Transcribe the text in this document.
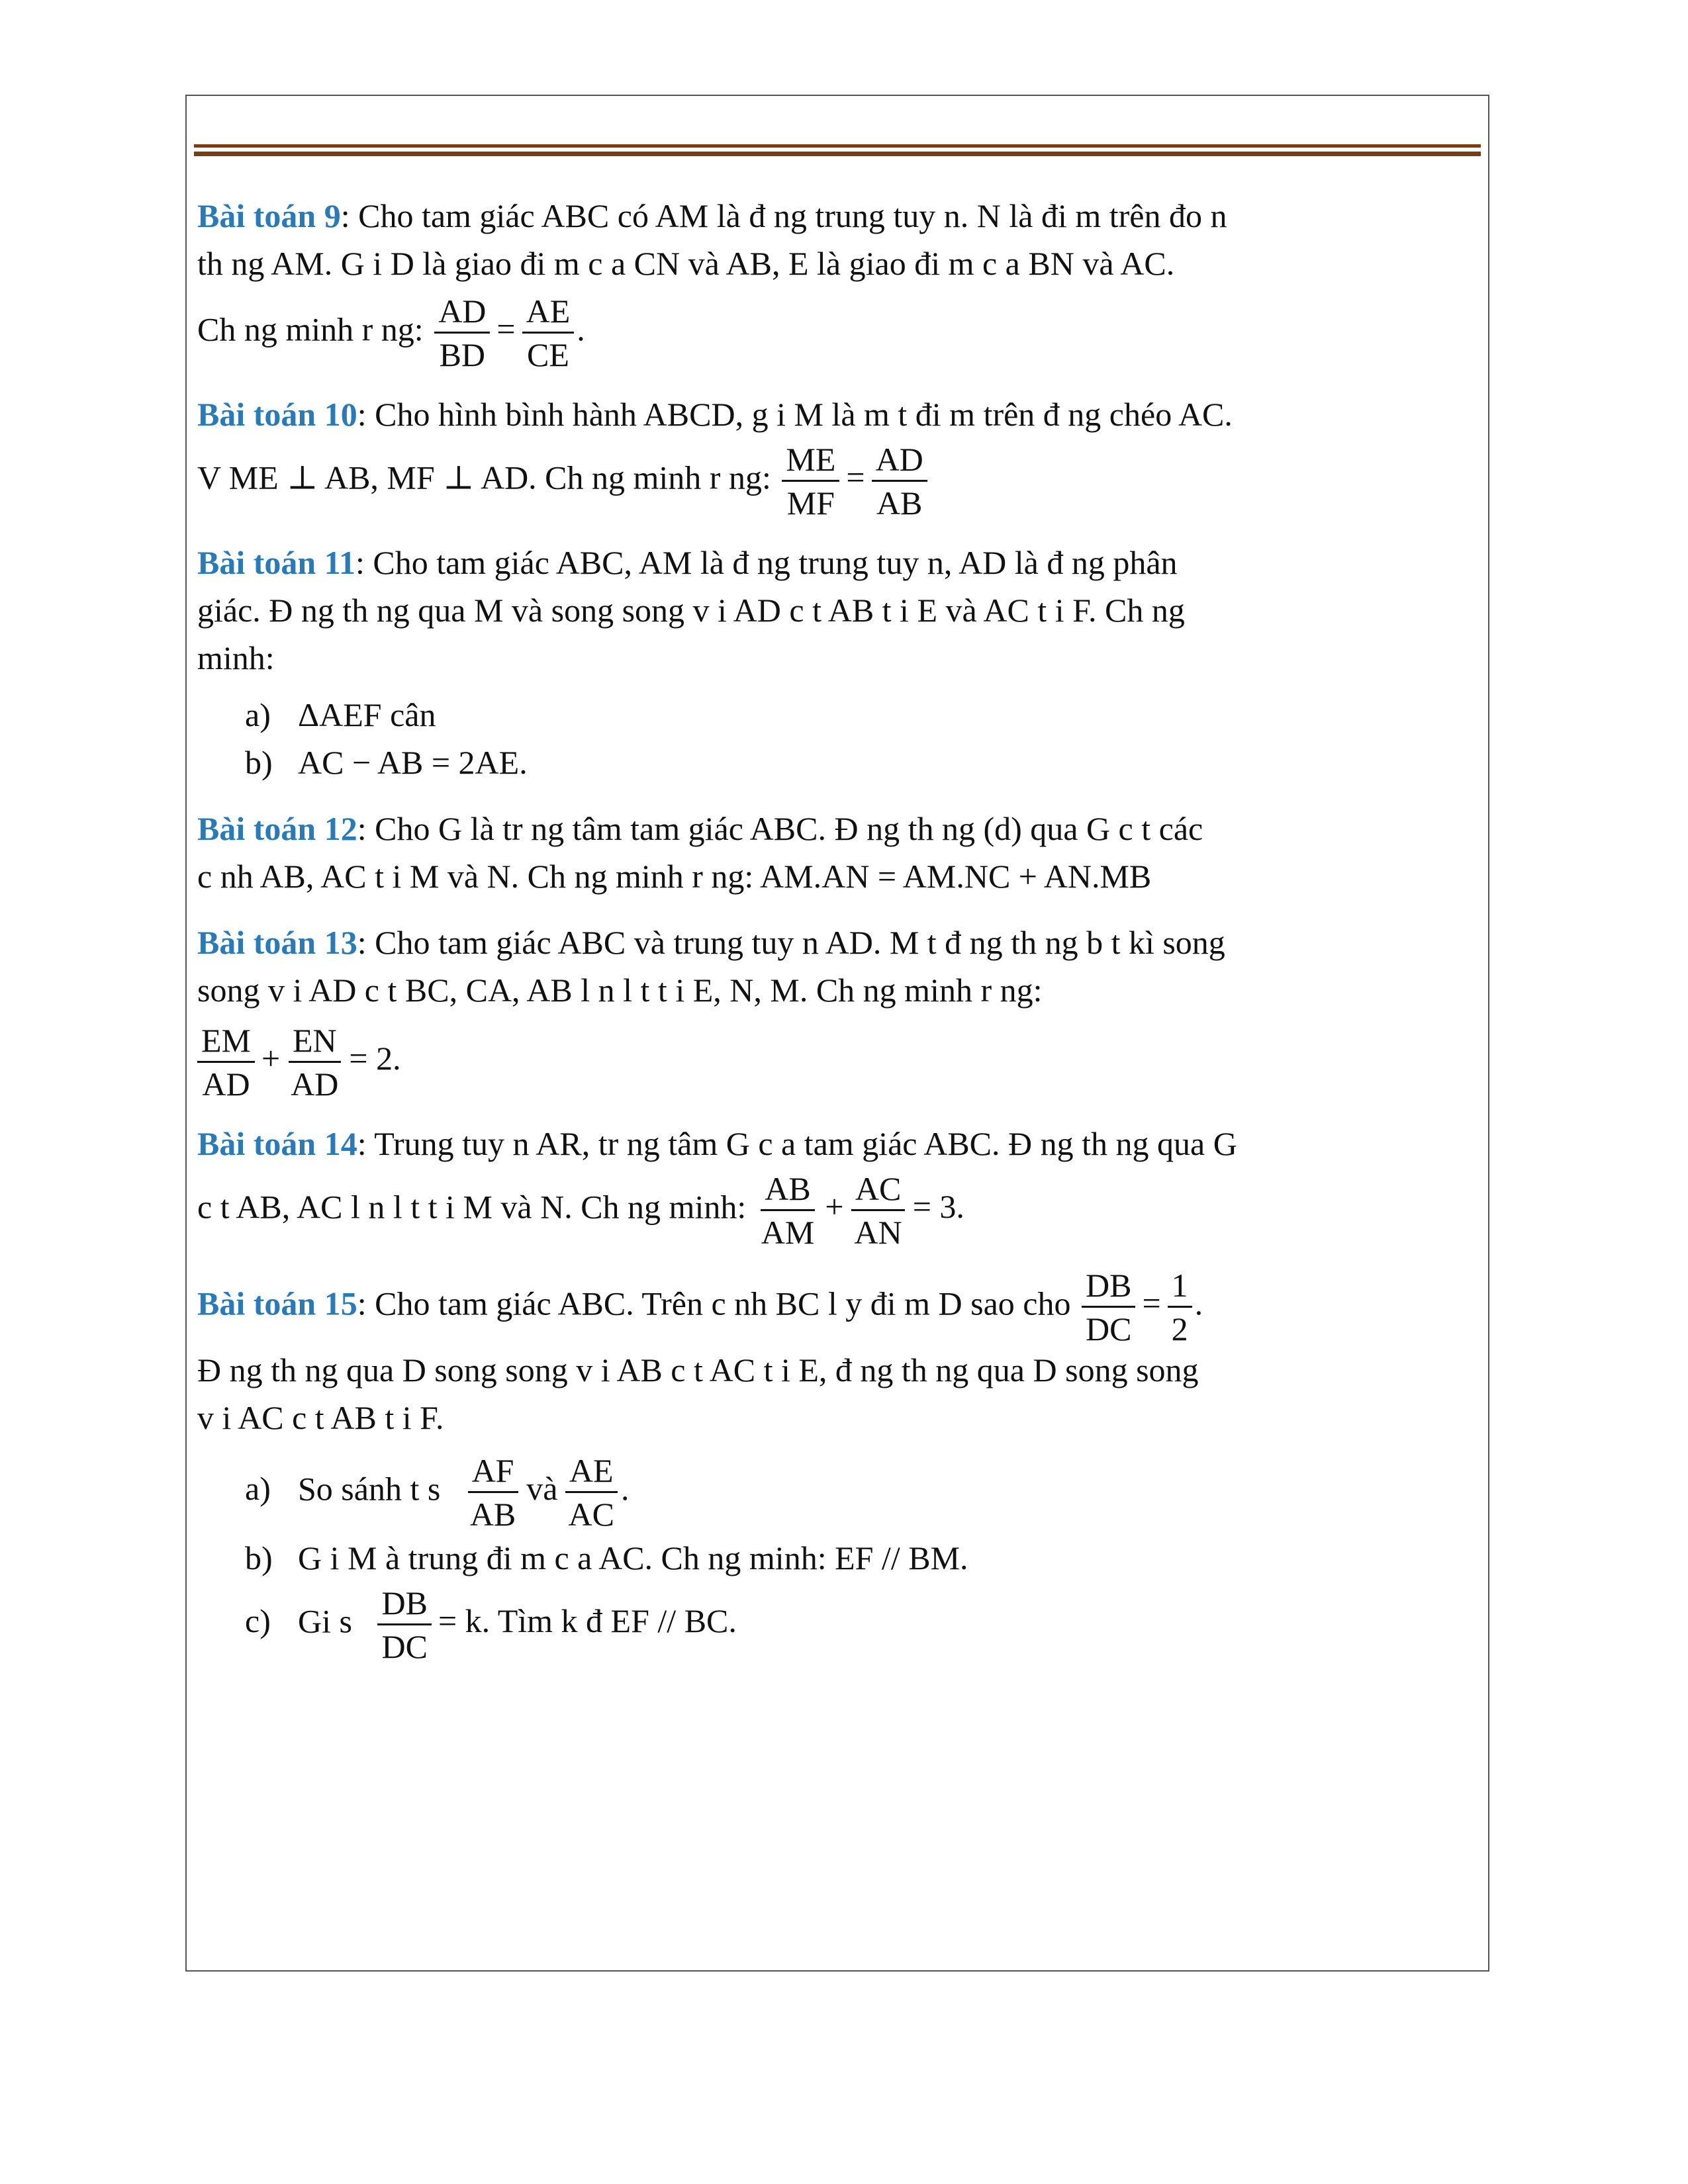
Bài toán 9: Cho tam giác ABC có AM là đ ng trung tuy n. N là đi m trên đo n
th ng AM. G i D là giao đi m c a CN và AB, E là giao đi m c a BN và AC.
Ch ng minh r ng: $\frac{AD}{BD} = \frac{AE}{CE}$ .
Bài toán 10: Cho hình bình hành ABCD, g i M là m t đi m trên đ ng chéo AC.
V ME ⊥ AB, MF ⊥ AD. Ch ng minh r ng: $\frac{ME}{MF} = \frac{AD}{AB}$
Bài toán 11: Cho tam giác ABC, AM là đ ng trung tuy n, AD là đ ng phân
giác. Đ ng th ng qua M và song song v i AD c t AB t i E và AC t i F. Ch ng
minh:
a) ΔAEF cân
b) AC − AB = 2AE.
Bài toán 12: Cho G là tr ng tâm tam giác ABC. Đ ng th ng (d) qua G c t các
c nh AB, AC t i M và N. Ch ng minh r ng: AM.AN = AM.NC + AN.MB
Bài toán 13: Cho tam giác ABC và trung tuy n AD. M t đ ng th ng b t kì song
song v i AD c t BC, CA, AB l n l t t i E, N, M. Ch ng minh r ng:
$\frac{EM}{AD} + \frac{EN}{AD} = 2$.
Bài toán 14: Trung tuy n AR, tr ng tâm G c a tam giác ABC. Đ ng th ng qua G
c t AB, AC l n l t t i M và N. Ch ng minh: $\frac{AB}{AM} + \frac{AC}{AN} = 3$.
Bài toán 15: Cho tam giác ABC. Trên c nh BC l y đi m D sao cho $\frac{DB}{DC} = \frac{1}{2}$ .
Đ ng th ng qua D song song v i AB c t AC t i E, đ ng th ng qua D song song
v i AC c t AB t i F.
a) So sánh t s $\frac{AF}{AB}$ và $\frac{AE}{AC}$ .
b) G i M à trung đi m c a AC. Ch ng minh: EF // BM.
c) Gi s $\frac{DB}{DC} = k$. Tìm k đ EF // BC.
